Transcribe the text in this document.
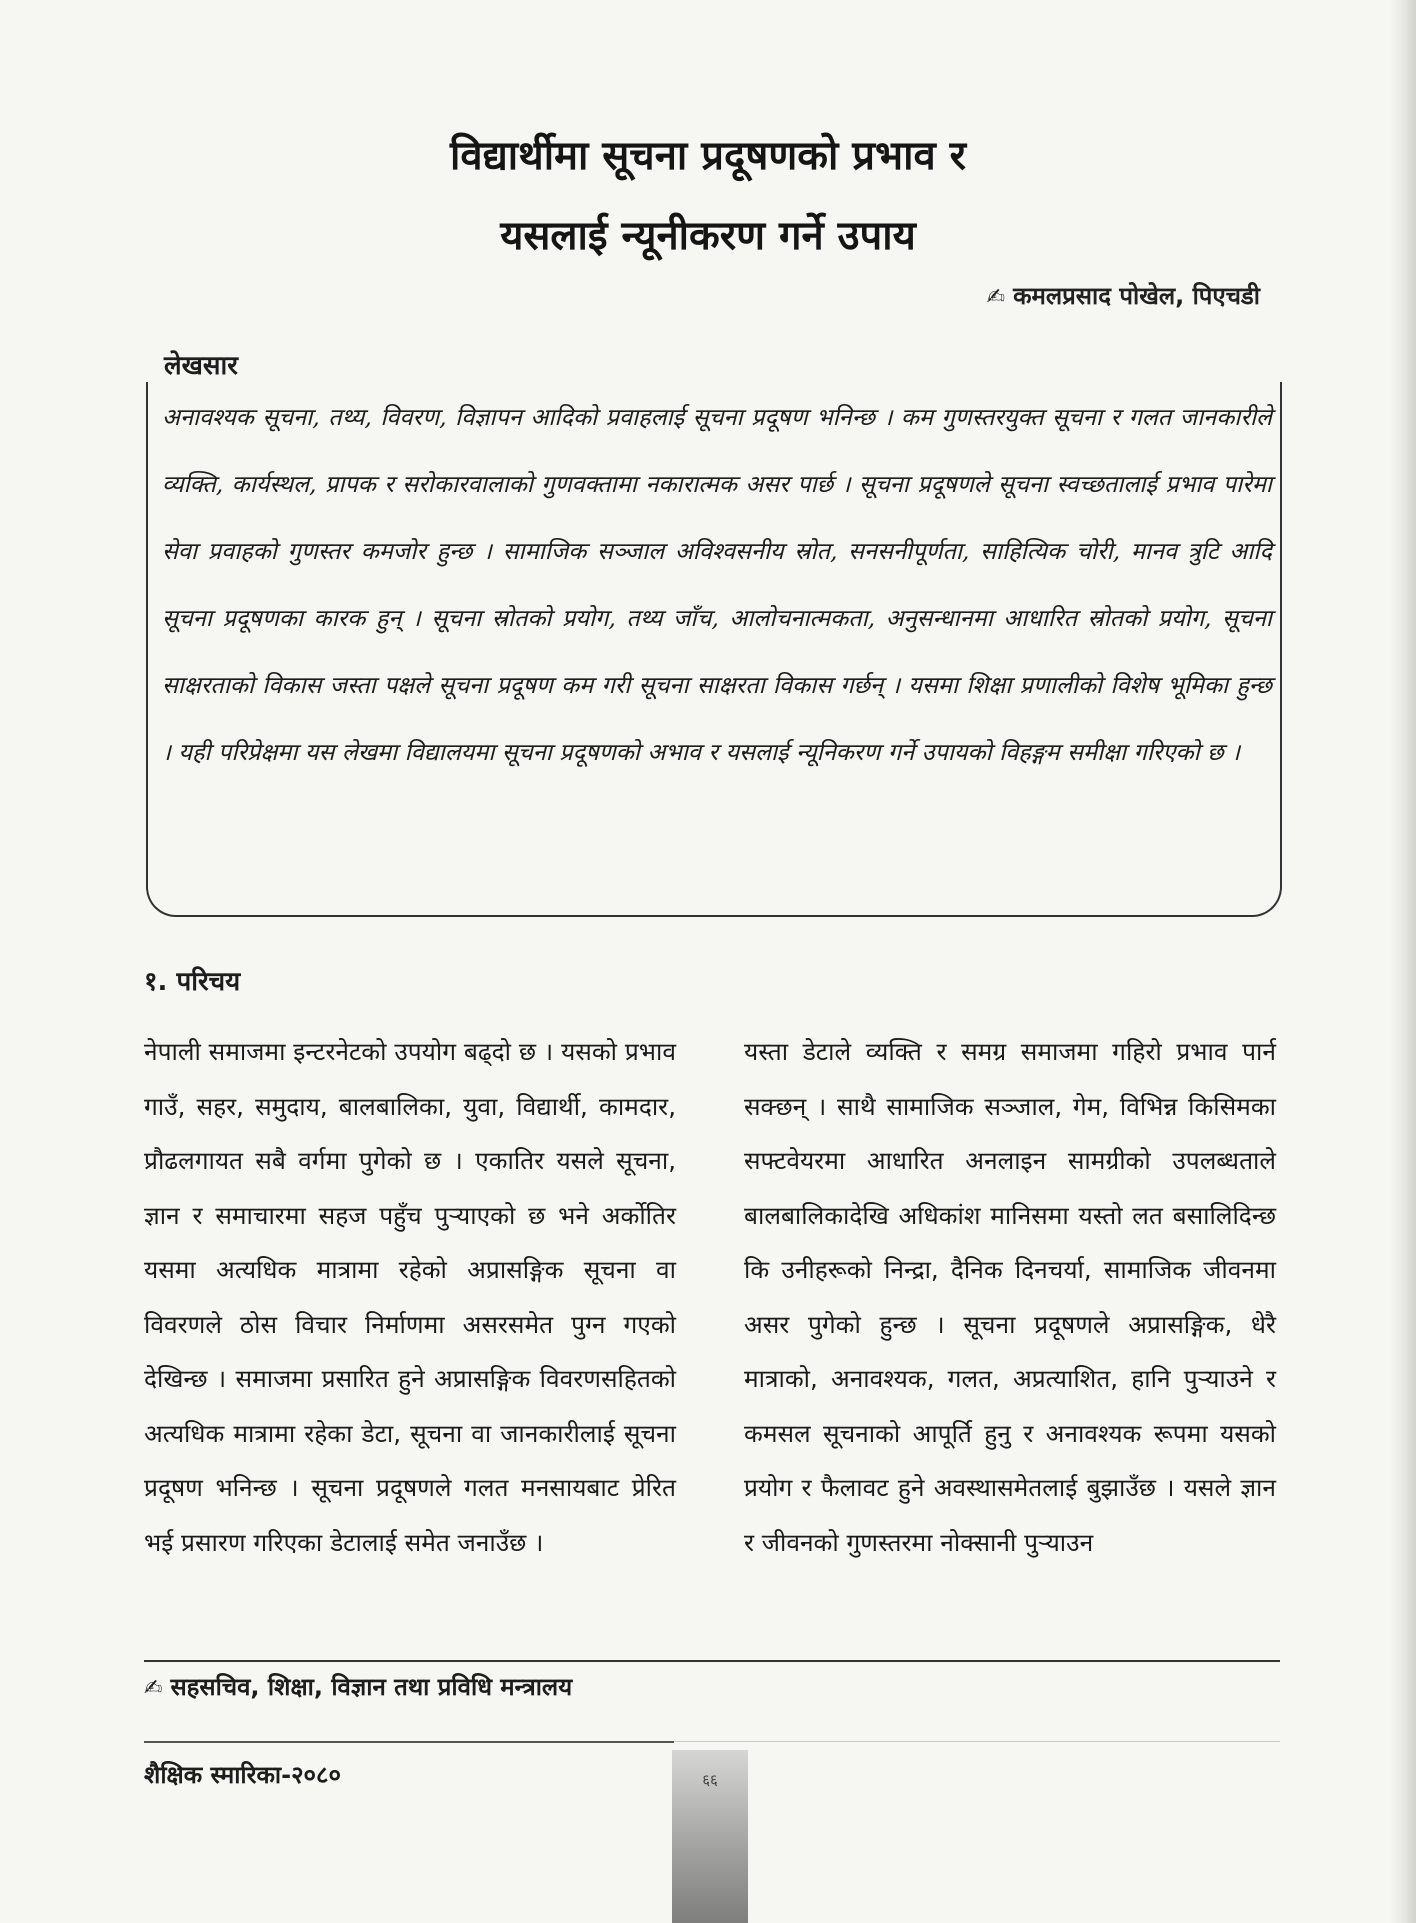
विद्यार्थीमा सूचना प्रदूषणको प्रभाव र
यसलाई न्यूनीकरण गर्ने उपाय
✍ कमलप्रसाद पोखेल, पिएचडी
लेखसार

अनावश्यक सूचना, तथ्य, विवरण, विज्ञापन आदिको प्रवाहलाई सूचना प्रदूषण भनिन्छ । कम गुणस्तरयुक्त सूचना र गलत जानकारीले व्यक्ति, कार्यस्थल, प्रापक र सरोकारवालाको गुणवक्तामा नकारात्मक असर पार्छ । सूचना प्रदूषणले सूचना स्वच्छतालाई प्रभाव पारेमा सेवा प्रवाहको गुणस्तर कमजोर हुन्छ । सामाजिक सञ्जाल अविश्वसनीय स्रोत, सनसनीपूर्णता, साहित्यिक चोरी, मानव त्रुटि आदि सूचना प्रदूषणका कारक हुन् । सूचना स्रोतको प्रयोग, तथ्य जाँच, आलोचनात्मकता, अनुसन्धानमा आधारित स्रोतको प्रयोग, सूचना साक्षरताको विकास जस्ता पक्षले सूचना प्रदूषण कम गरी सूचना साक्षरता विकास गर्छन् । यसमा शिक्षा प्रणालीको विशेष भूमिका हुन्छ । यही परिप्रेक्षमा यस लेखमा विद्यालयमा सूचना प्रदूषणको अभाव र यसलाई न्यूनिकरण गर्ने उपायको विहङ्गम समीक्षा गरिएको छ ।

१. परिचय

नेपाली समाजमा इन्टरनेटको उपयोग बढ्दो छ । यसको प्रभाव गाउँ, सहर, समुदाय, बालबालिका, युवा, विद्यार्थी, कामदार, प्रौढलगायत सबै वर्गमा पुगेको छ । एकातिर यसले सूचना, ज्ञान र समाचारमा सहज पहुँच पुऱ्याएको छ भने अर्कोतिर यसमा अत्यधिक मात्रामा रहेको अप्रासङ्गिक सूचना वा विवरणले ठोस विचार निर्माणमा असरसमेत पुग्न गएको देखिन्छ । समाजमा प्रसारित हुने अप्रासङ्गिक विवरणसहितको अत्यधिक मात्रामा रहेका डेटा, सूचना वा जानकारीलाई सूचना प्रदूषण भनिन्छ । सूचना प्रदूषणले गलत मनसायबाट प्रेरित भई प्रसारण गरिएका डेटालाई समेत जनाउँछ ।

यस्ता डेटाले व्यक्ति र समग्र समाजमा गहिरो प्रभाव पार्न सक्छन् । साथै सामाजिक सञ्जाल, गेम, विभिन्न किसिमका सफ्टवेयरमा आधारित अनलाइन सामग्रीको उपलब्धताले बालबालिकादेखि अधिकांश मानिसमा यस्तो लत बसालिदिन्छ कि उनीहरूको निन्द्रा, दैनिक दिनचर्या, सामाजिक जीवनमा असर पुगेको हुन्छ । सूचना प्रदूषणले अप्रासङ्गिक, धेरै मात्राको, अनावश्यक, गलत, अप्रत्याशित, हानि पुऱ्याउने र कमसल सूचनाको आपूर्ति हुनु र अनावश्यक रूपमा यसको प्रयोग र फैलावट हुने अवस्थासमेतलाई बुझाउँछ । यसले ज्ञान र जीवनको गुणस्तरमा नोक्सानी पुऱ्याउन

✍ सहसचिव, शिक्षा, विज्ञान तथा प्रविधि मन्त्रालय
शैक्षिक स्मारिका-२०८०	६६
